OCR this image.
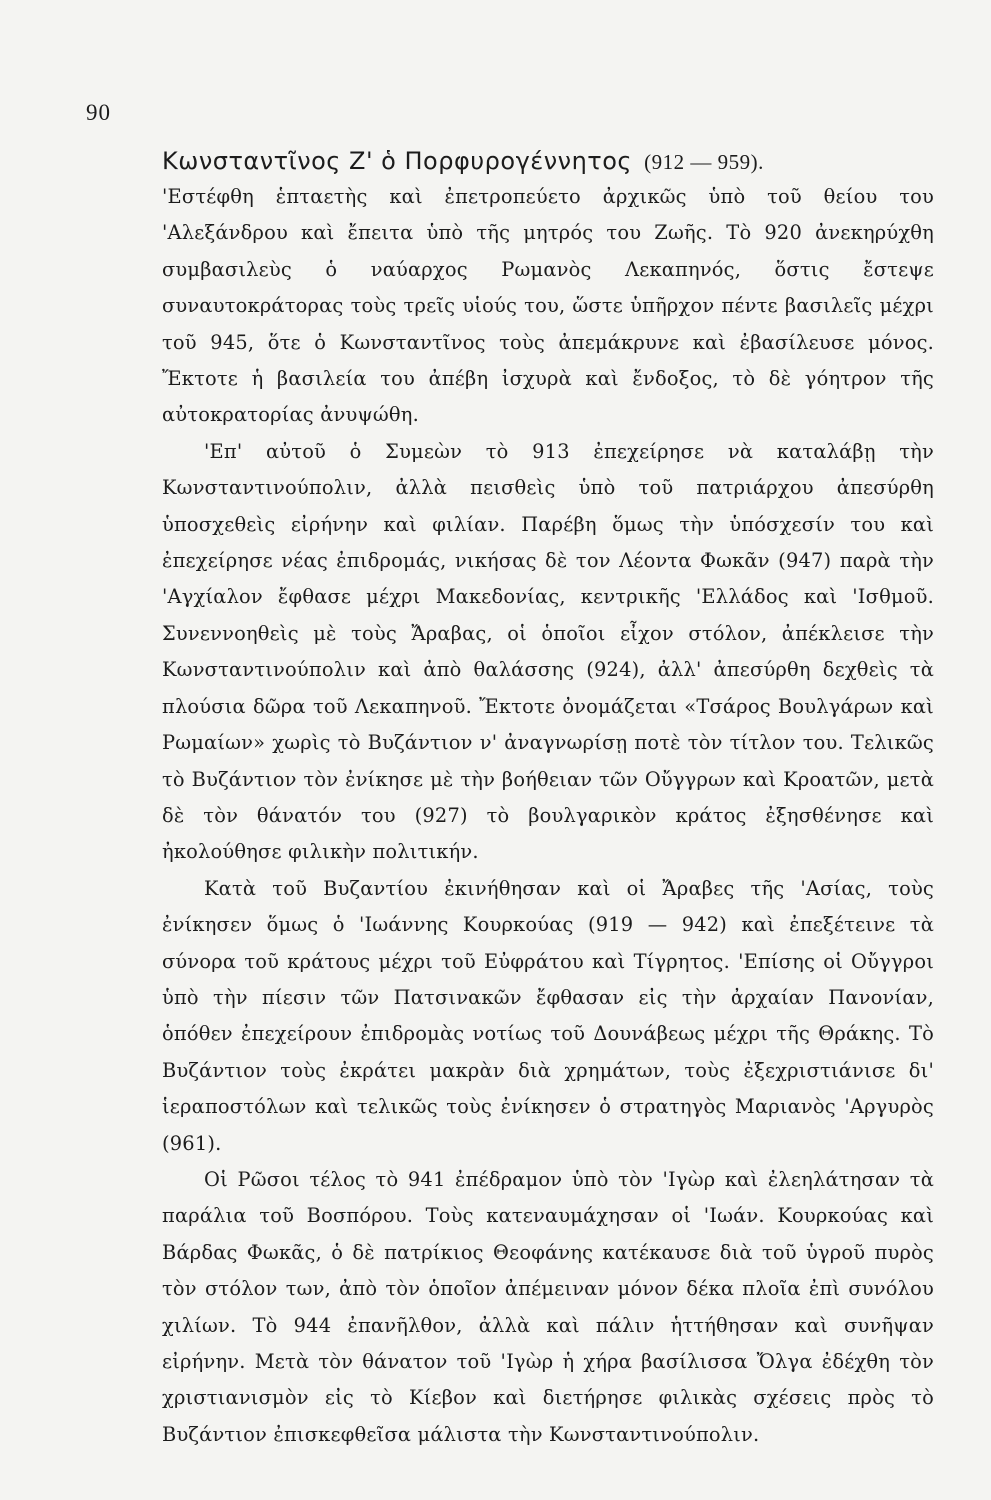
90
Κωνσταντῖνος Ζ' ὁ Πορφυρογέννητος (912 — 959).

'Εστέφθη ἑπταετὴς καὶ ἐπετροπεύετο ἀρχικῶς ὑπὸ τοῦ θείου του 'Αλεξάνδρου καὶ ἔπειτα ὑπὸ τῆς μητρός του Ζωῆς. Τὸ 920 ἀνεκηρύχθη συμβασιλεὺς ὁ ναύαρχος Ρωμανὸς Λεκαπηνός, ὅστις ἔστεψε συναυτοκράτορας τοὺς τρεῖς υἱούς του, ὥστε ὑπῆρχον πέντε βασιλεῖς μέχρι τοῦ 945, ὅτε ὁ Κωνσταντῖνος τοὺς ἀπεμάκρυνε καὶ ἐβασίλευσε μόνος. Ἔκτοτε ἡ βασιλεία του ἀπέβη ἰσχυρὰ καὶ ἔνδοξος, τὸ δὲ γόητρον τῆς αὐτοκρατορίας ἀνυψώθη.

'Επ' αὐτοῦ ὁ Συμεὼν τὸ 913 ἐπεχείρησε νὰ καταλάβῃ τὴν Κωνσταντινούπολιν, ἀλλὰ πεισθεὶς ὑπὸ τοῦ πατριάρχου ἀπεσύρθη ὑποσχεθεὶς εἰρήνην καὶ φιλίαν. Παρέβη ὅμως τὴν ὑπόσχεσίν του καὶ ἐπεχείρησε νέας ἐπιδρομάς, νικήσας δὲ τον Λέοντα Φωκᾶν (947) παρὰ τὴν 'Αγχίαλον ἔφθασε μέχρι Μακεδονίας, κεντρικῆς 'Ελλάδος καὶ 'Ισθμοῦ. Συνεννοηθεὶς μὲ τοὺς Ἄραβας, οἱ ὁποῖοι εἶχον στόλον, ἀπέκλεισε τὴν Κωνσταντινούπολιν καὶ ἀπὸ θαλάσσης (924), ἀλλ' ἀπεσύρθη δεχθεὶς τὰ πλούσια δῶρα τοῦ Λεκαπηνοῦ. Ἔκτοτε ὀνομάζεται «Τσάρος Βουλγάρων καὶ Ρωμαίων» χωρὶς τὸ Βυζάντιον ν' ἀναγνωρίσῃ ποτὲ τὸν τίτλον του. Τελικῶς τὸ Βυζάντιον τὸν ἐνίκησε μὲ τὴν βοήθειαν τῶν Οὔγγρων καὶ Κροατῶν, μετὰ δὲ τὸν θάνατόν του (927) τὸ βουλγαρικὸν κράτος ἐξησθένησε καὶ ἠκολούθησε φιλικὴν πολιτικήν.

Κατὰ τοῦ Βυζαντίου ἐκινήθησαν καὶ οἱ Ἄραβες τῆς 'Ασίας, τοὺς ἐνίκησεν ὅμως ὁ 'Ιωάννης Κουρκούας (919 — 942) καὶ ἐπεξέτεινε τὰ σύνορα τοῦ κράτους μέχρι τοῦ Εὐφράτου καὶ Τίγρητος. 'Επίσης οἱ Οὔγγροι ὑπὸ τὴν πίεσιν τῶν Πατσινακῶν ἔφθασαν εἰς τὴν ἀρχαίαν Πανονίαν, ὁπόθεν ἐπεχείρουν ἐπιδρομὰς νοτίως τοῦ Δουνάβεως μέχρι τῆς Θράκης. Τὸ Βυζάντιον τοὺς ἐκράτει μακρὰν διὰ χρημάτων, τοὺς ἐξεχριστιάνισε δι' ἱεραποστόλων καὶ τελικῶς τοὺς ἐνίκησεν ὁ στρατηγὸς Μαριανὸς 'Αργυρὸς (961).

Οἱ Ρῶσοι τέλος τὸ 941 ἐπέδραμον ὑπὸ τὸν 'Ιγὼρ καὶ ἐλεηλάτησαν τὰ παράλια τοῦ Βοσπόρου. Τοὺς κατεναυμάχησαν οἱ 'Ιωάν. Κουρκούας καὶ Βάρδας Φωκᾶς, ὁ δὲ πατρίκιος Θεοφάνης κατέκαυσε διὰ τοῦ ὑγροῦ πυρὸς τὸν στόλον των, ἀπὸ τὸν ὁποῖον ἀπέμειναν μόνον δέκα πλοῖα ἐπὶ συνόλου χιλίων. Τὸ 944 ἐπανῆλθον, ἀλλὰ καὶ πάλιν ἡττήθησαν καὶ συνῆψαν εἰρήνην. Μετὰ τὸν θάνατον τοῦ 'Ιγὼρ ἡ χήρα βασίλισσα Ὄλγα ἐδέχθη τὸν χριστιανισμὸν εἰς τὸ Κίεβον καὶ διετήρησε φιλικὰς σχέσεις πρὸς τὸ Βυζάντιον ἐπισκεφθεῖσα μάλιστα τὴν Κωνσταντινούπολιν.
